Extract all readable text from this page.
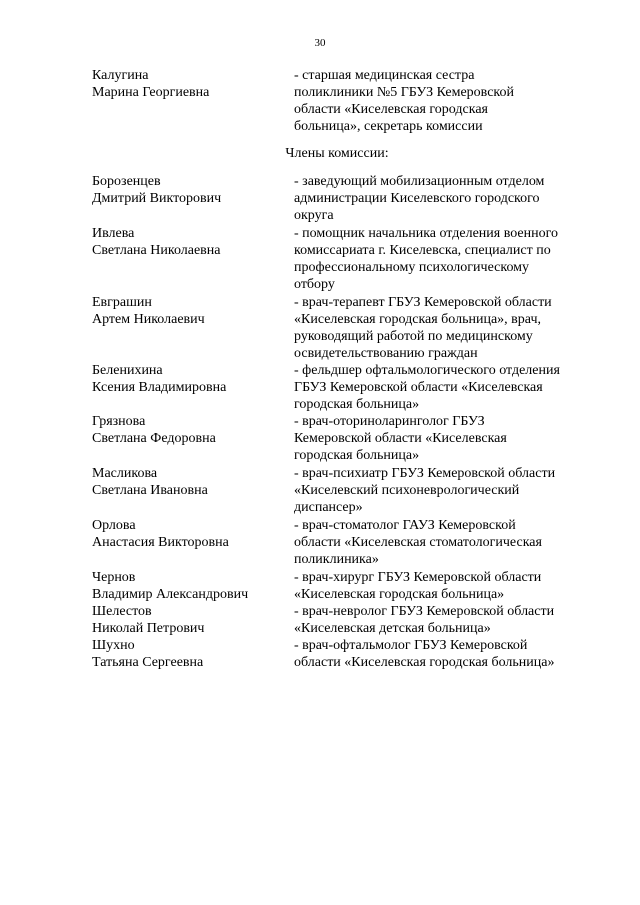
30
Калугина
Марина Георгиевна
- старшая медицинская сестра
поликлиники №5 ГБУЗ Кемеровской
области «Киселевская городская
больница», секретарь комиссии
Члены комиссии:
Борозенцев
Дмитрий Викторович
- заведующий мобилизационным отделом
администрации Киселевского городского
округа
Ивлева
Светлана Николаевна
- помощник начальника отделения военного
комиссариата г. Киселевска, специалист по
профессиональному психологическому
отбору
Евграшин
Артем Николаевич
- врач-терапевт ГБУЗ Кемеровской области
«Киселевская городская больница», врач,
руководящий работой по медицинскому
освидетельствованию граждан
Беленихина
Ксения Владимировна
- фельдшер офтальмологического отделения
ГБУЗ Кемеровской области «Киселевская
городская больница»
Грязнова
Светлана Федоровна
- врач-оториноларинголог ГБУЗ
Кемеровской области «Киселевская
городская больница»
Масликова
Светлана Ивановна
- врач-психиатр ГБУЗ Кемеровской области
«Киселевский психоневрологический
диспансер»
Орлова
Анастасия Викторовна
- врач-стоматолог ГАУЗ Кемеровской
области «Киселевская стоматологическая
поликлиника»
Чернов
Владимир Александрович
- врач-хирург ГБУЗ Кемеровской области
«Киселевская городская больница»
Шелестов
Николай Петрович
- врач-невролог ГБУЗ Кемеровской области
«Киселевская детская больница»
Шухно
Татьяна Сергеевна
- врач-офтальмолог ГБУЗ Кемеровской
области «Киселевская городская больница»
